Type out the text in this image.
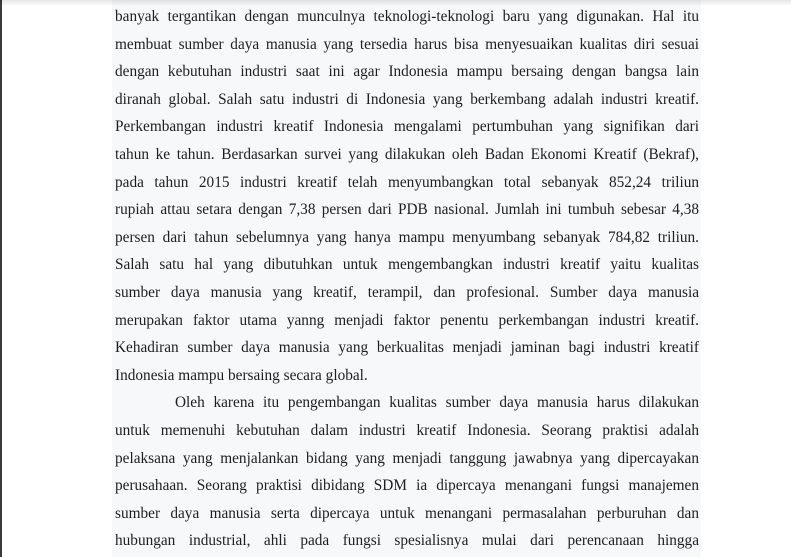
banyak tergantikan dengan munculnya teknologi-teknologi baru yang digunakan. Hal itu
membuat sumber daya manusia yang tersedia harus bisa menyesuaikan kualitas diri sesuai
dengan kebutuhan industri saat ini agar Indonesia mampu bersaing dengan bangsa lain
diranah global. Salah satu industri di Indonesia yang berkembang adalah industri kreatif.
Perkembangan industri kreatif Indonesia mengalami pertumbuhan yang signifikan dari
tahun ke tahun. Berdasarkan survei yang dilakukan oleh Badan Ekonomi Kreatif (Bekraf),
pada tahun 2015 industri kreatif telah menyumbangkan total sebanyak 852,24 triliun
rupiah attau setara dengan 7,38 persen dari PDB nasional. Jumlah ini tumbuh sebesar 4,38
persen dari tahun sebelumnya yang hanya mampu menyumbang sebanyak 784,82 triliun.
Salah satu hal yang dibutuhkan untuk mengembangkan industri kreatif yaitu kualitas
sumber daya manusia yang kreatif, terampil, dan profesional. Sumber daya manusia
merupakan faktor utama yanng menjadi faktor penentu perkembangan industri kreatif.
Kehadiran sumber daya manusia yang berkualitas menjadi jaminan bagi industri kreatif
Indonesia mampu bersaing secara global.
Oleh karena itu pengembangan kualitas sumber daya manusia harus dilakukan
untuk memenuhi kebutuhan dalam industri kreatif Indonesia. Seorang praktisi adalah
pelaksana yang menjalankan bidang yang menjadi tanggung jawabnya yang dipercayakan
perusahaan. Seorang praktisi dibidang SDM ia dipercaya menangani fungsi manajemen
sumber daya manusia serta dipercaya untuk menangani permasalahan perburuhan dan
hubungan industrial, ahli pada fungsi spesialisnya mulai dari perencanaan hingga
